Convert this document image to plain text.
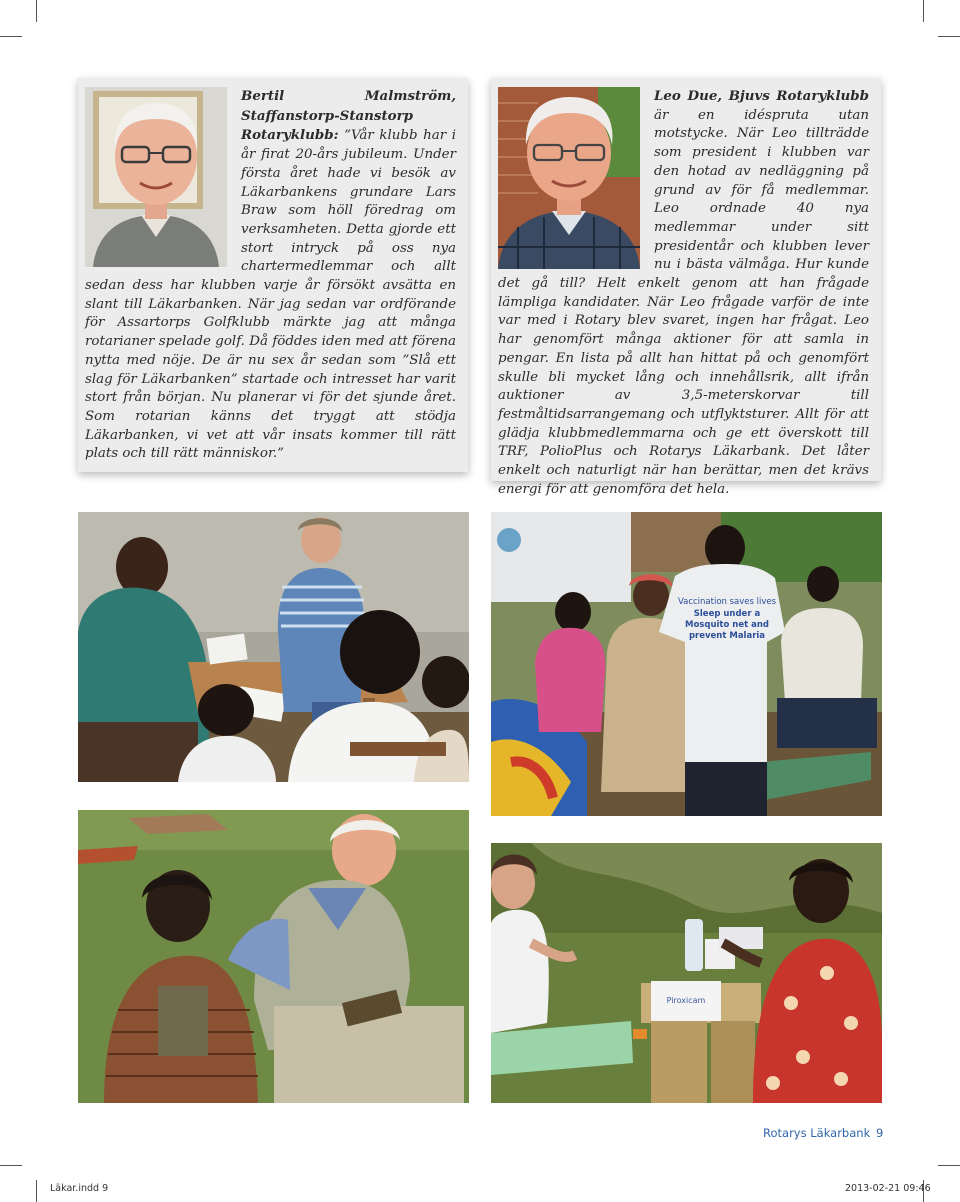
Bertil Malmström, Staffanstorp-Stanstorp Rotaryklubb: ”Vår klubb har i år firat 20-års jubileum. Under första året hade vi besök av Läkarbankens grundare Lars Braw som höll föredrag om verksamheten. Detta gjorde ett stort intryck på oss nya chartermedlemmar och allt sedan dess har klubben varje år försökt avsätta en slant till Läkarbanken. När jag sedan var ordförande för Assartorps Golfklubb märkte jag att många rotarianer spelade golf. Då föddes iden med att förena nytta med nöje. De är nu sex år sedan som ”Slå ett slag för Läkarbanken” startade och intresset har varit stort från början. Nu planerar vi för det sjunde året. Som rotarian känns det tryggt att stödja Läkarbanken, vi vet att vår insats kommer till rätt plats och till rätt människor.”

Leo Due, Bjuvs Rotaryklubb är en idéspruta utan motstycke. När Leo tillträdde som president i klubben var den hotad av nedläggning på grund av för få medlemmar. Leo ordnade 40 nya medlemmar under sitt presidentår och klubben lever nu i bästa välmåga. Hur kunde det gå till? Helt enkelt genom att han frågade lämpliga kandidater. När Leo frågade varför de inte var med i Rotary blev svaret, ingen har frågat. Leo har genomfört många aktioner för att samla in pengar. En lista på allt han hittat på och genomfört skulle bli mycket lång och innehållsrik, allt ifrån auktioner av 3,5-meterskorvar till festmåltidsarrangemang och utflyktsturer. Allt för att glädja klubbmedlemmarna och ge ett överskott till TRF, PolioPlus och Rotarys Läkarbank. Det låter enkelt och naturligt när han berättar, men det krävs energi för att genomföra det hela.

Vaccination saves lives
Sleep under a
Mosquito net and
prevent Malaria
Piroxicam
Rotarys Läkarbank 9
Läkar.indd 9	2013-02-21 09:46
